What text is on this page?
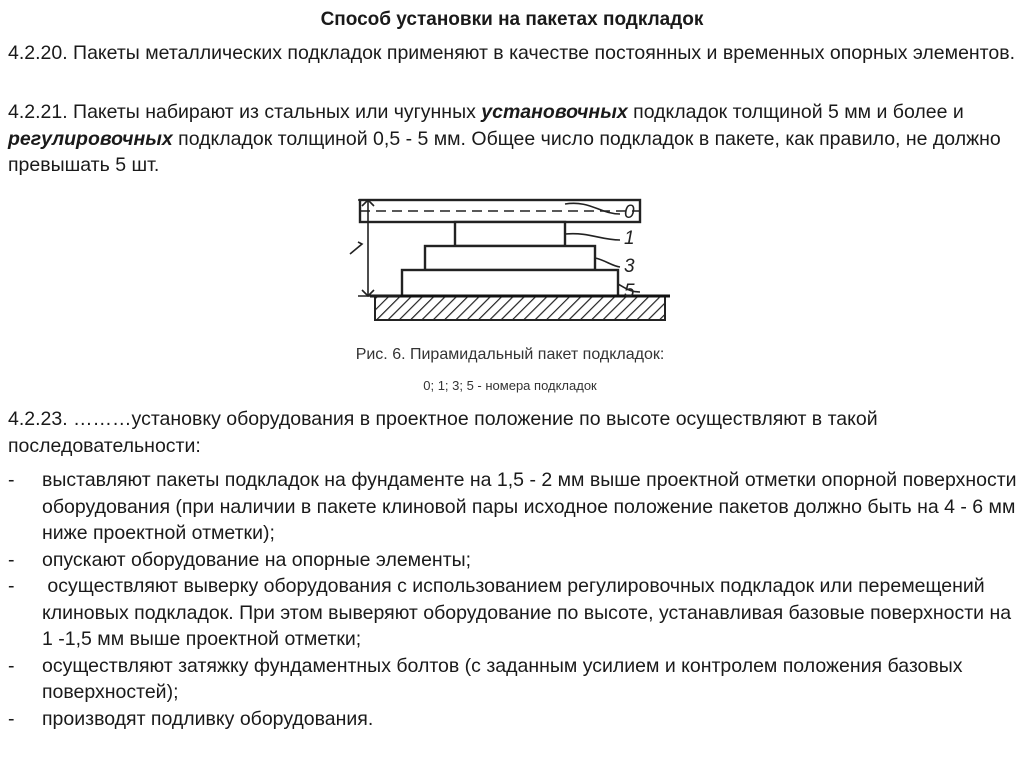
Способ установки на пакетах подкладок
4.2.20. Пакеты металлических подкладок применяют в качестве постоянных и временных опорных элементов.
4.2.21. Пакеты набирают из стальных или чугунных установочных подкладок толщиной 5 мм и более и регулировочных подкладок толщиной 0,5 - 5 мм. Общее число подкладок в пакете, как правило, не должно превышать 5 шт.
0
1
3
5
Рис. 6. Пирамидальный пакет подкладок:
0; 1; 3; 5 - номера подкладок
4.2.23. ………установку оборудования в проектное положение по высоте осуществляют в такой последовательности:
- выставляют пакеты подкладок на фундаменте на 1,5 - 2 мм выше проектной отметки опорной поверхности оборудования (при наличии в пакете клиновой пары исходное положение пакетов должно быть на 4 - 6 мм ниже проектной отметки);
- опускают оборудование на опорные элементы;
- осуществляют выверку оборудования с использованием регулировочных подкладок или перемещений клиновых подкладок. При этом выверяют оборудование по высоте, устанавливая базовые поверхности на 1 -1,5 мм выше проектной отметки;
- осуществляют затяжку фундаментных болтов (с заданным усилием и контролем положения базовых поверхностей);
- производят подливку оборудования.
